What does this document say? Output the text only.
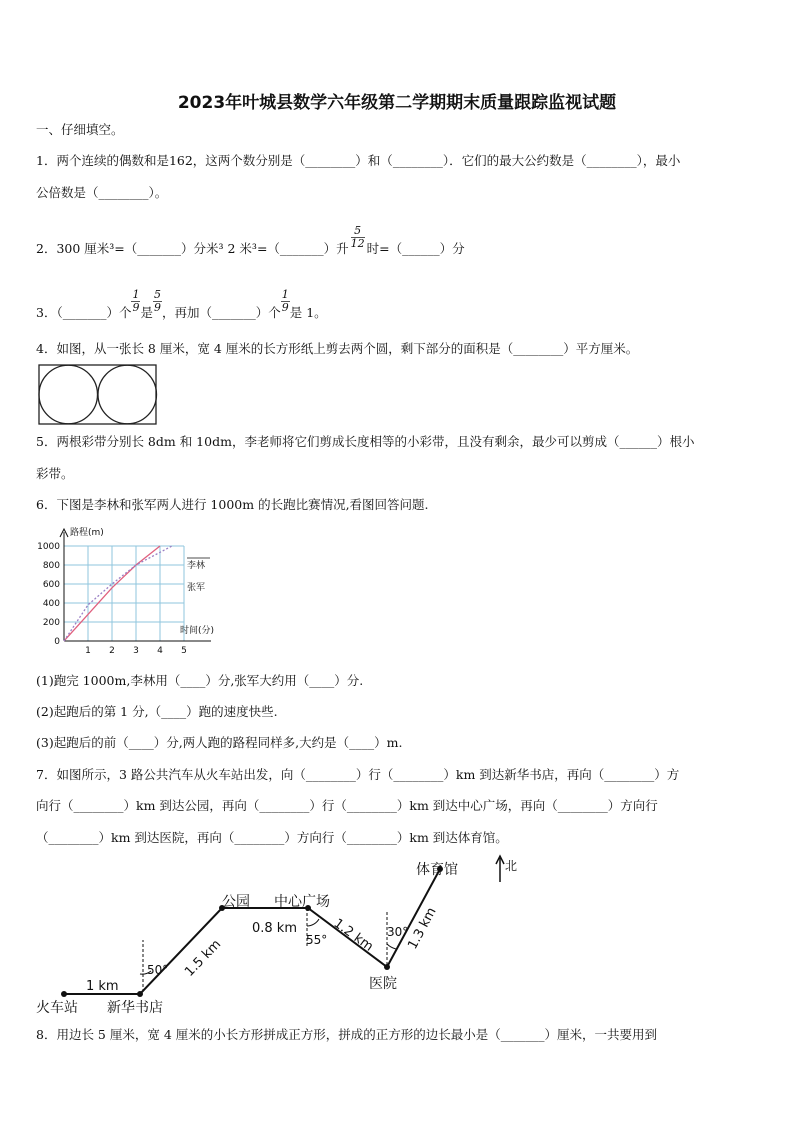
2023年叶城县数学六年级第二学期期末质量跟踪监视试题
一、仔细填空。
1．两个连续的偶数和是162，这两个数分别是（________）和（________）．它们的最大公约数是（________），最小
公倍数是（________）。
2．300 厘米³=（_______）分米³ 2 米³=（_______）升 $\frac{5}{12}$ 时=（______）分
3．（_______）个 $\frac{1}{9}$ 是 $\frac{5}{9}$ ，再加（_______）个 $\frac{1}{9}$ 是 1。
4．如图，从一张长 8 厘米，宽 4 厘米的长方形纸上剪去两个圆，剩下部分的面积是（________）平方厘米。
5．两根彩带分别长 8dm 和 10dm，李老师将它们剪成长度相等的小彩带，且没有剩余，最少可以剪成（______）根小
彩带。
6．下图是李林和张军两人进行 1000m 的长跑比赛情况,看图回答问题.
路程(m)
时间(分)
1 2 3 4 5
0
200
400
600
800
1000
李林
张军
(1)跑完 1000m,李林用（____）分,张军大约用（____）分.
(2)起跑后的第 1 分,（____）跑的速度快些.
(3)起跑后的前（____）分,两人跑的路程同样多,大约是（____）m.
7．如图所示，3 路公共汽车从火车站出发，向（________）行（________）km 到达新华书店，再向（________）方
向行（________）km 到达公园，再向（________）行（________）km 到达中心广场，再向（________）方向行
（________）km 到达医院，再向（________）方向行（________）km 到达体育馆。
北
火车站 新华书店
公园 中心广场
医院
体育馆
1 km
1.5 km
0.8 km	1.2 km 1.3 km
50°
55°
30°
8．用边长 5 厘米，宽 4 厘米的小长方形拼成正方形，拼成的正方形的边长最小是（_______）厘米，一共要用到
